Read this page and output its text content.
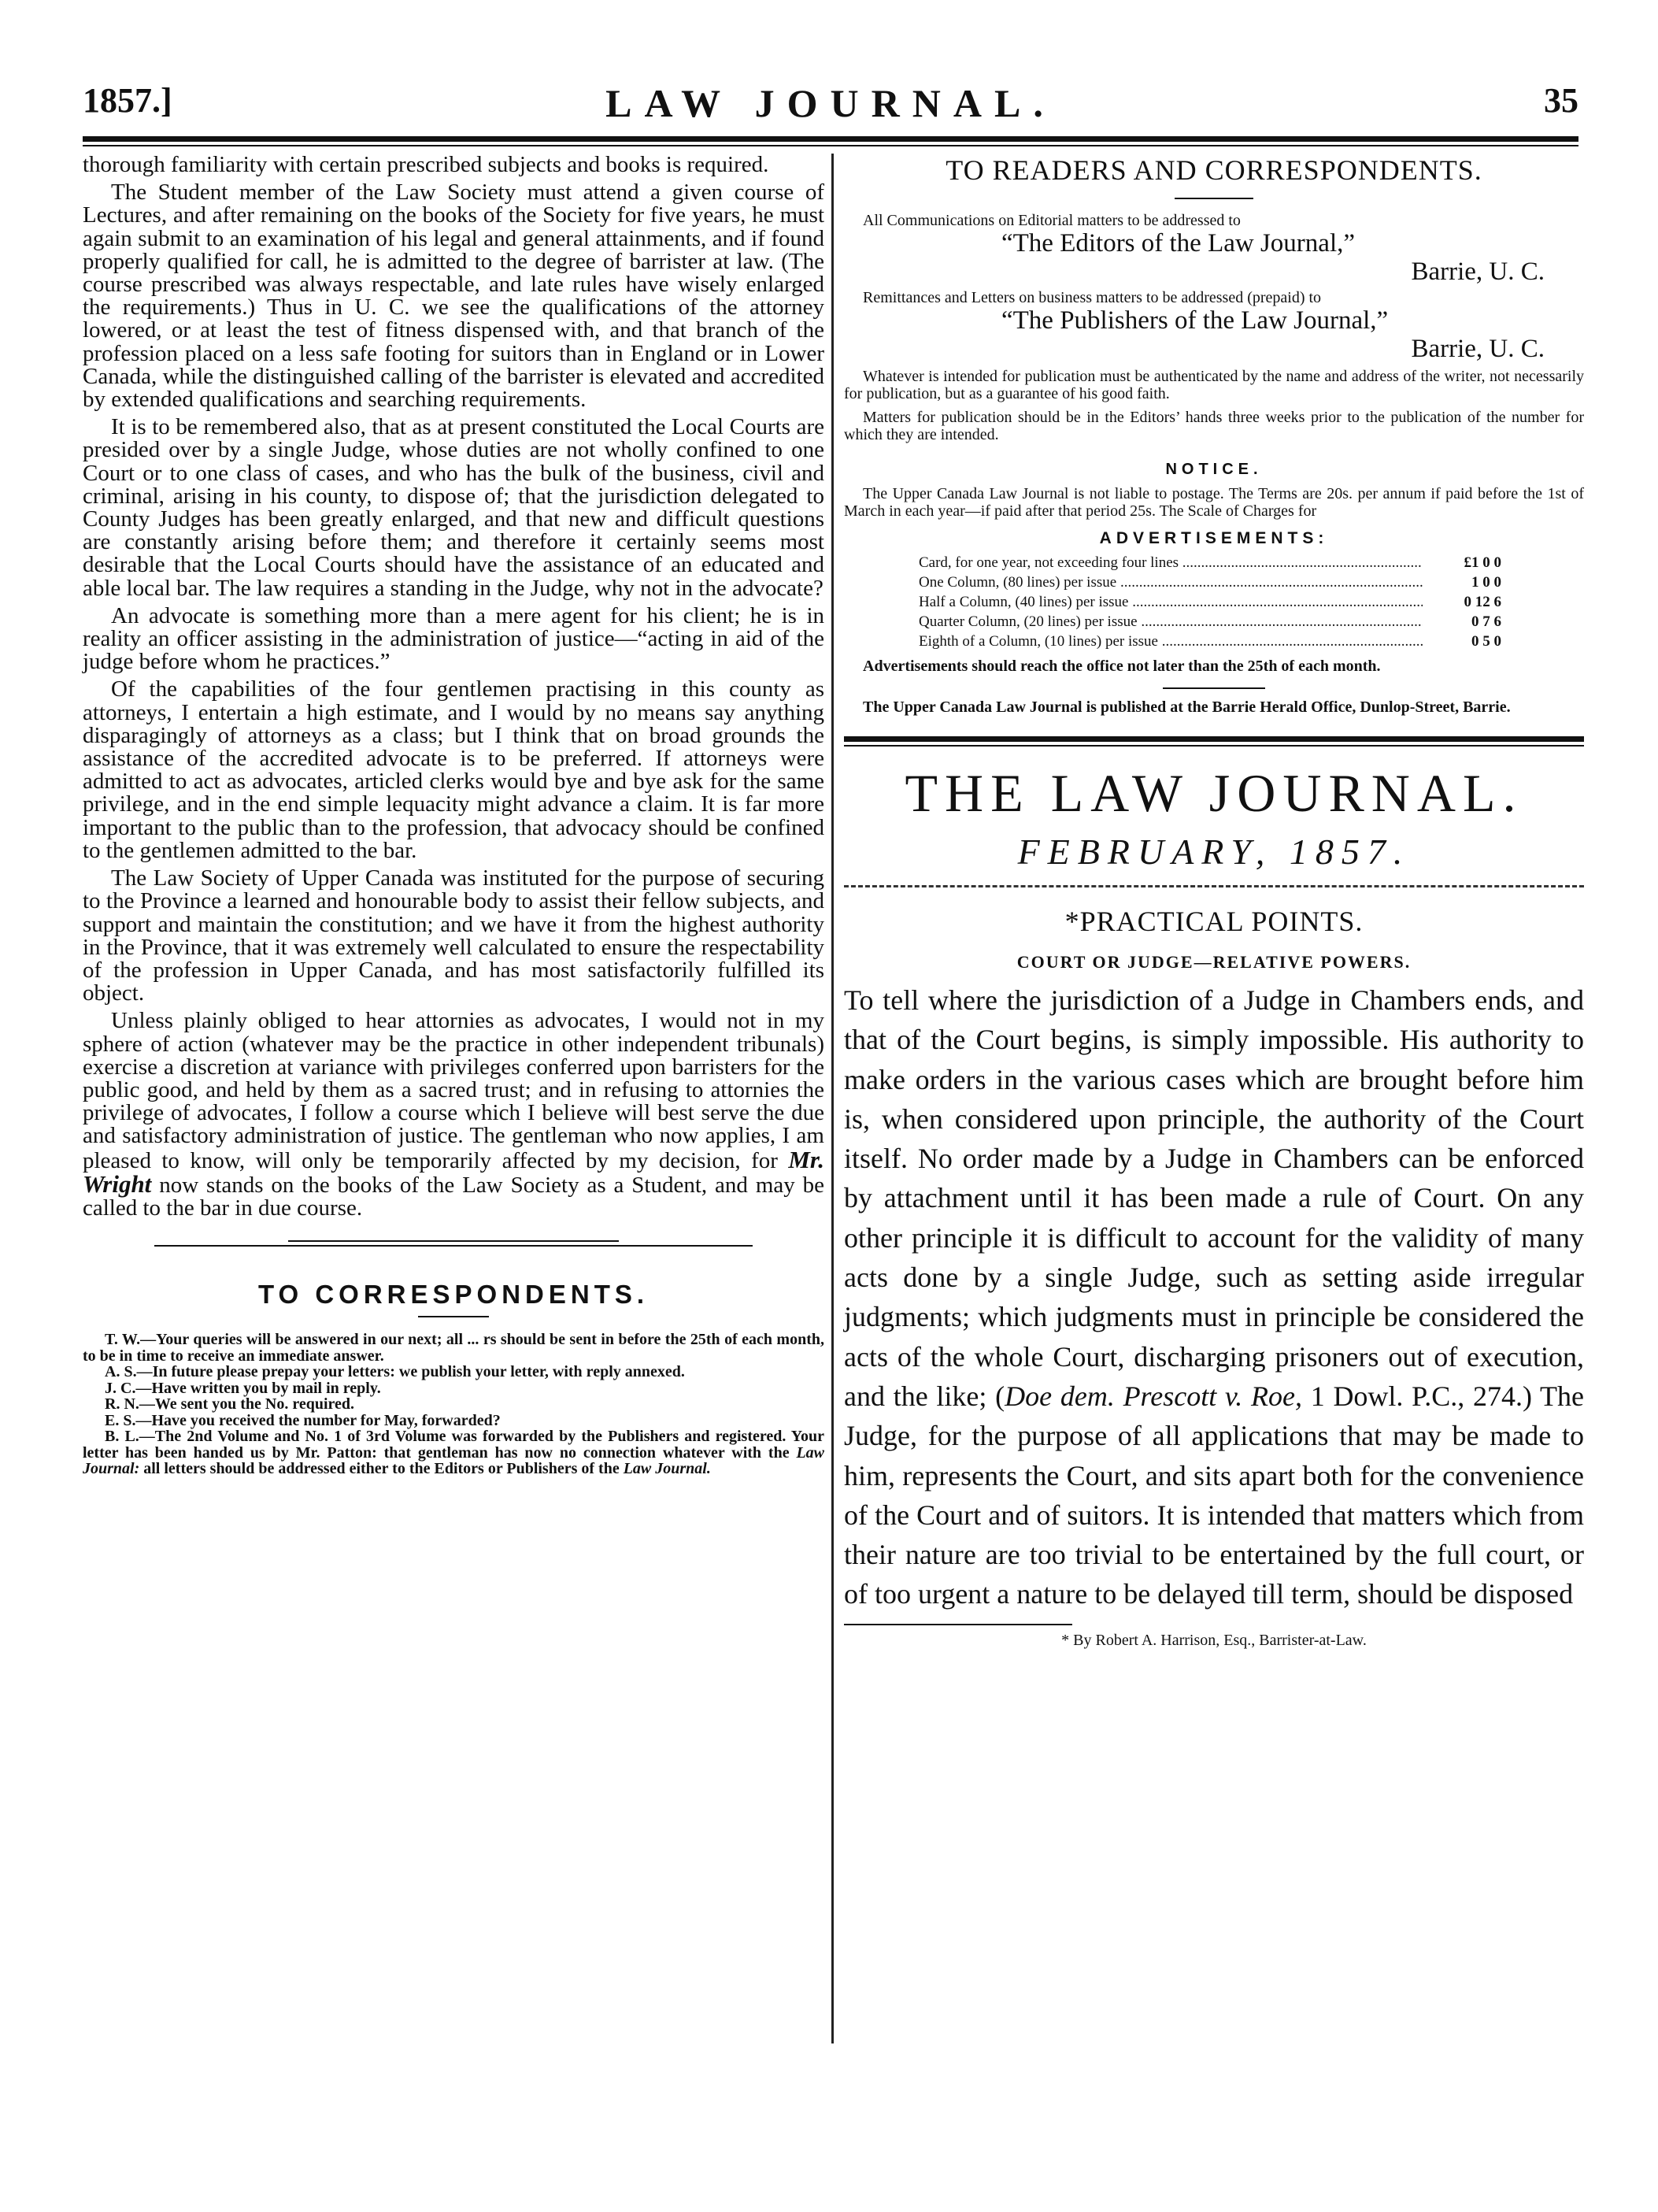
LAW JOURNAL.
1857.]	35

thorough familiarity with certain prescribed subjects and books is required.

The Student member of the Law Society must attend a given course of Lectures, and after remaining on the books of the Society for five years, he must again submit to an examination of his legal and general attainments, and if found properly qualified for call, he is admitted to the degree of barrister at law. (The course prescribed was always respectable, and late rules have wisely enlarged the requirements.) Thus in U. C. we see the qualifications of the attorney lowered, or at least the test of fitness dispensed with, and that branch of the profession placed on a less safe footing for suitors than in England or in Lower Canada, while the distinguished calling of the barrister is elevated and accredited by extended qualifications and searching requirements.

It is to be remembered also, that as at present constituted the Local Courts are presided over by a single Judge, whose duties are not wholly confined to one Court or to one class of cases, and who has the bulk of the business, civil and criminal, arising in his county, to dispose of; that the jurisdiction delegated to County Judges has been greatly enlarged, and that new and difficult questions are constantly arising before them; and therefore it certainly seems most desirable that the Local Courts should have the assistance of an educated and able local bar. The law requires a standing in the Judge, why not in the advocate?

An advocate is something more than a mere agent for his client; he is in reality an officer assisting in the administration of justice—“acting in aid of the judge before whom he practices.”

Of the capabilities of the four gentlemen practising in this county as attorneys, I entertain a high estimate, and I would by no means say anything disparagingly of attorneys as a class; but I think that on broad grounds the assistance of the accredited advocate is to be preferred. If attorneys were admitted to act as advocates, articled clerks would bye and bye ask for the same privilege, and in the end simple lequacity might advance a claim. It is far more important to the public than to the profession, that advocacy should be confined to the gentlemen admitted to the bar.

The Law Society of Upper Canada was instituted for the purpose of securing to the Province a learned and honourable body to assist their fellow subjects, and support and maintain the constitution; and we have it from the highest authority in the Province, that it was extremely well calculated to ensure the respectability of the profession in Upper Canada, and has most satisfactorily fulfilled its object.

Unless plainly obliged to hear attornies as advocates, I would not in my sphere of action (whatever may be the practice in other independent tribunals) exercise a discretion at variance with privileges conferred upon barristers for the public good, and held by them as a sacred trust; and in refusing to attornies the privilege of advocates, I follow a course which I believe will best serve the due and satisfactory administration of justice. The gentleman who now applies, I am pleased to know, will only be temporarily affected by my decision, for Mr. Wright now stands on the books of the Law Society as a Student, and may be called to the bar in due course.

TO CORRESPONDENTS.

T. W.—Your queries will be answered in our next; all ... rs should be sent in before the 25th of each month, to be in time to receive an immediate answer.

A. S.—In future please prepay your letters: we publish your letter, with reply annexed.

J. C.—Have written you by mail in reply.

R. N.—We sent you the No. required.

E. S.—Have you received the number for May, forwarded?

B. L.—The 2nd Volume and No. 1 of 3rd Volume was forwarded by the Publishers and registered. Your letter has been handed us by Mr. Patton: that gentleman has now no connection whatever with the Law Journal: all letters should be addressed either to the Editors or Publishers of the Law Journal.

TO READERS AND CORRESPONDENTS.

All Communications on Editorial matters to be addressed to

“The Editors of the Law Journal,”

Barrie, U. C.

Remittances and Letters on business matters to be addressed (prepaid) to

“The Publishers of the Law Journal,”

Barrie, U. C.

Whatever is intended for publication must be authenticated by the name and address of the writer, not necessarily for publication, but as a guarantee of his good faith.

Matters for publication should be in the Editors’ hands three weeks prior to the publication of the number for which they are intended.

NOTICE.

The Upper Canada Law Journal is not liable to postage. The Terms are 20s. per annum if paid before the 1st of March in each year—if paid after that period 25s. The Scale of Charges for

ADVERTISEMENTS:
Card, for one year, not exceeding four lines .....	£1 0 0
One Column, (80 lines) per issue .....	1 0 0
Half a Column, (40 lines) per issue .....	0 12 6
Quarter Column, (20 lines) per issue .....	0 7 6
Eighth of a Column, (10 lines) per issue .....	0 5 0

Advertisements should reach the office not later than the 25th of each month.

The Upper Canada Law Journal is published at the Barrie Herald Office, Dunlop-Street, Barrie.

THE LAW JOURNAL.
FEBRUARY, 1857.
*PRACTICAL POINTS.
COURT OR JUDGE—RELATIVE POWERS.

To tell where the jurisdiction of a Judge in Chambers ends, and that of the Court begins, is simply impossible. His authority to make orders in the various cases which are brought before him is, when considered upon principle, the authority of the Court itself. No order made by a Judge in Chambers can be enforced by attachment until it has been made a rule of Court. On any other principle it is difficult to account for the validity of many acts done by a single Judge, such as setting aside irregular judgments; which judgments must in principle be considered the acts of the whole Court, discharging prisoners out of execution, and the like; (Doe dem. Prescott v. Roe, 1 Dowl. P.C., 274.) The Judge, for the purpose of all applications that may be made to him, represents the Court, and sits apart both for the convenience of the Court and of suitors. It is intended that matters which from their nature are too trivial to be entertained by the full court, or of too urgent a nature to be delayed till term, should be disposed

* By Robert A. Harrison, Esq., Barrister-at-Law.
